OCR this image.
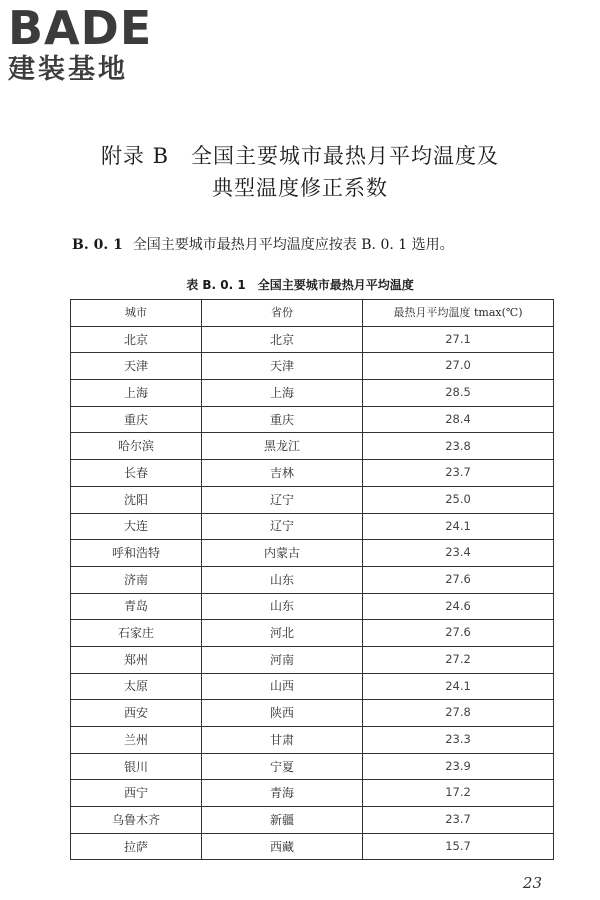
BADE
建装基地
附录 B　全国主要城市最热月平均温度及
典型温度修正系数
B. 0. 1 全国主要城市最热月平均温度应按表 B. 0. 1 选用。
表 B. 0. 1 全国主要城市最热月平均温度
城市	省份	最热月平均温度 tmax(℃)
北京	北京	27.1
天津	天津	27.0
上海	上海	28.5
重庆	重庆	28.4
哈尔滨	黑龙江	23.8
长春	吉林	23.7
沈阳	辽宁	25.0
大连	辽宁	24.1
呼和浩特	内蒙古	23.4
济南	山东	27.6
青岛	山东	24.6
石家庄	河北	27.6
郑州	河南	27.2
太原	山西	24.1
西安	陕西	27.8
兰州	甘肃	23.3
银川	宁夏	23.9
西宁	青海	17.2
乌鲁木齐	新疆	23.7
拉萨	西藏	15.7
23
